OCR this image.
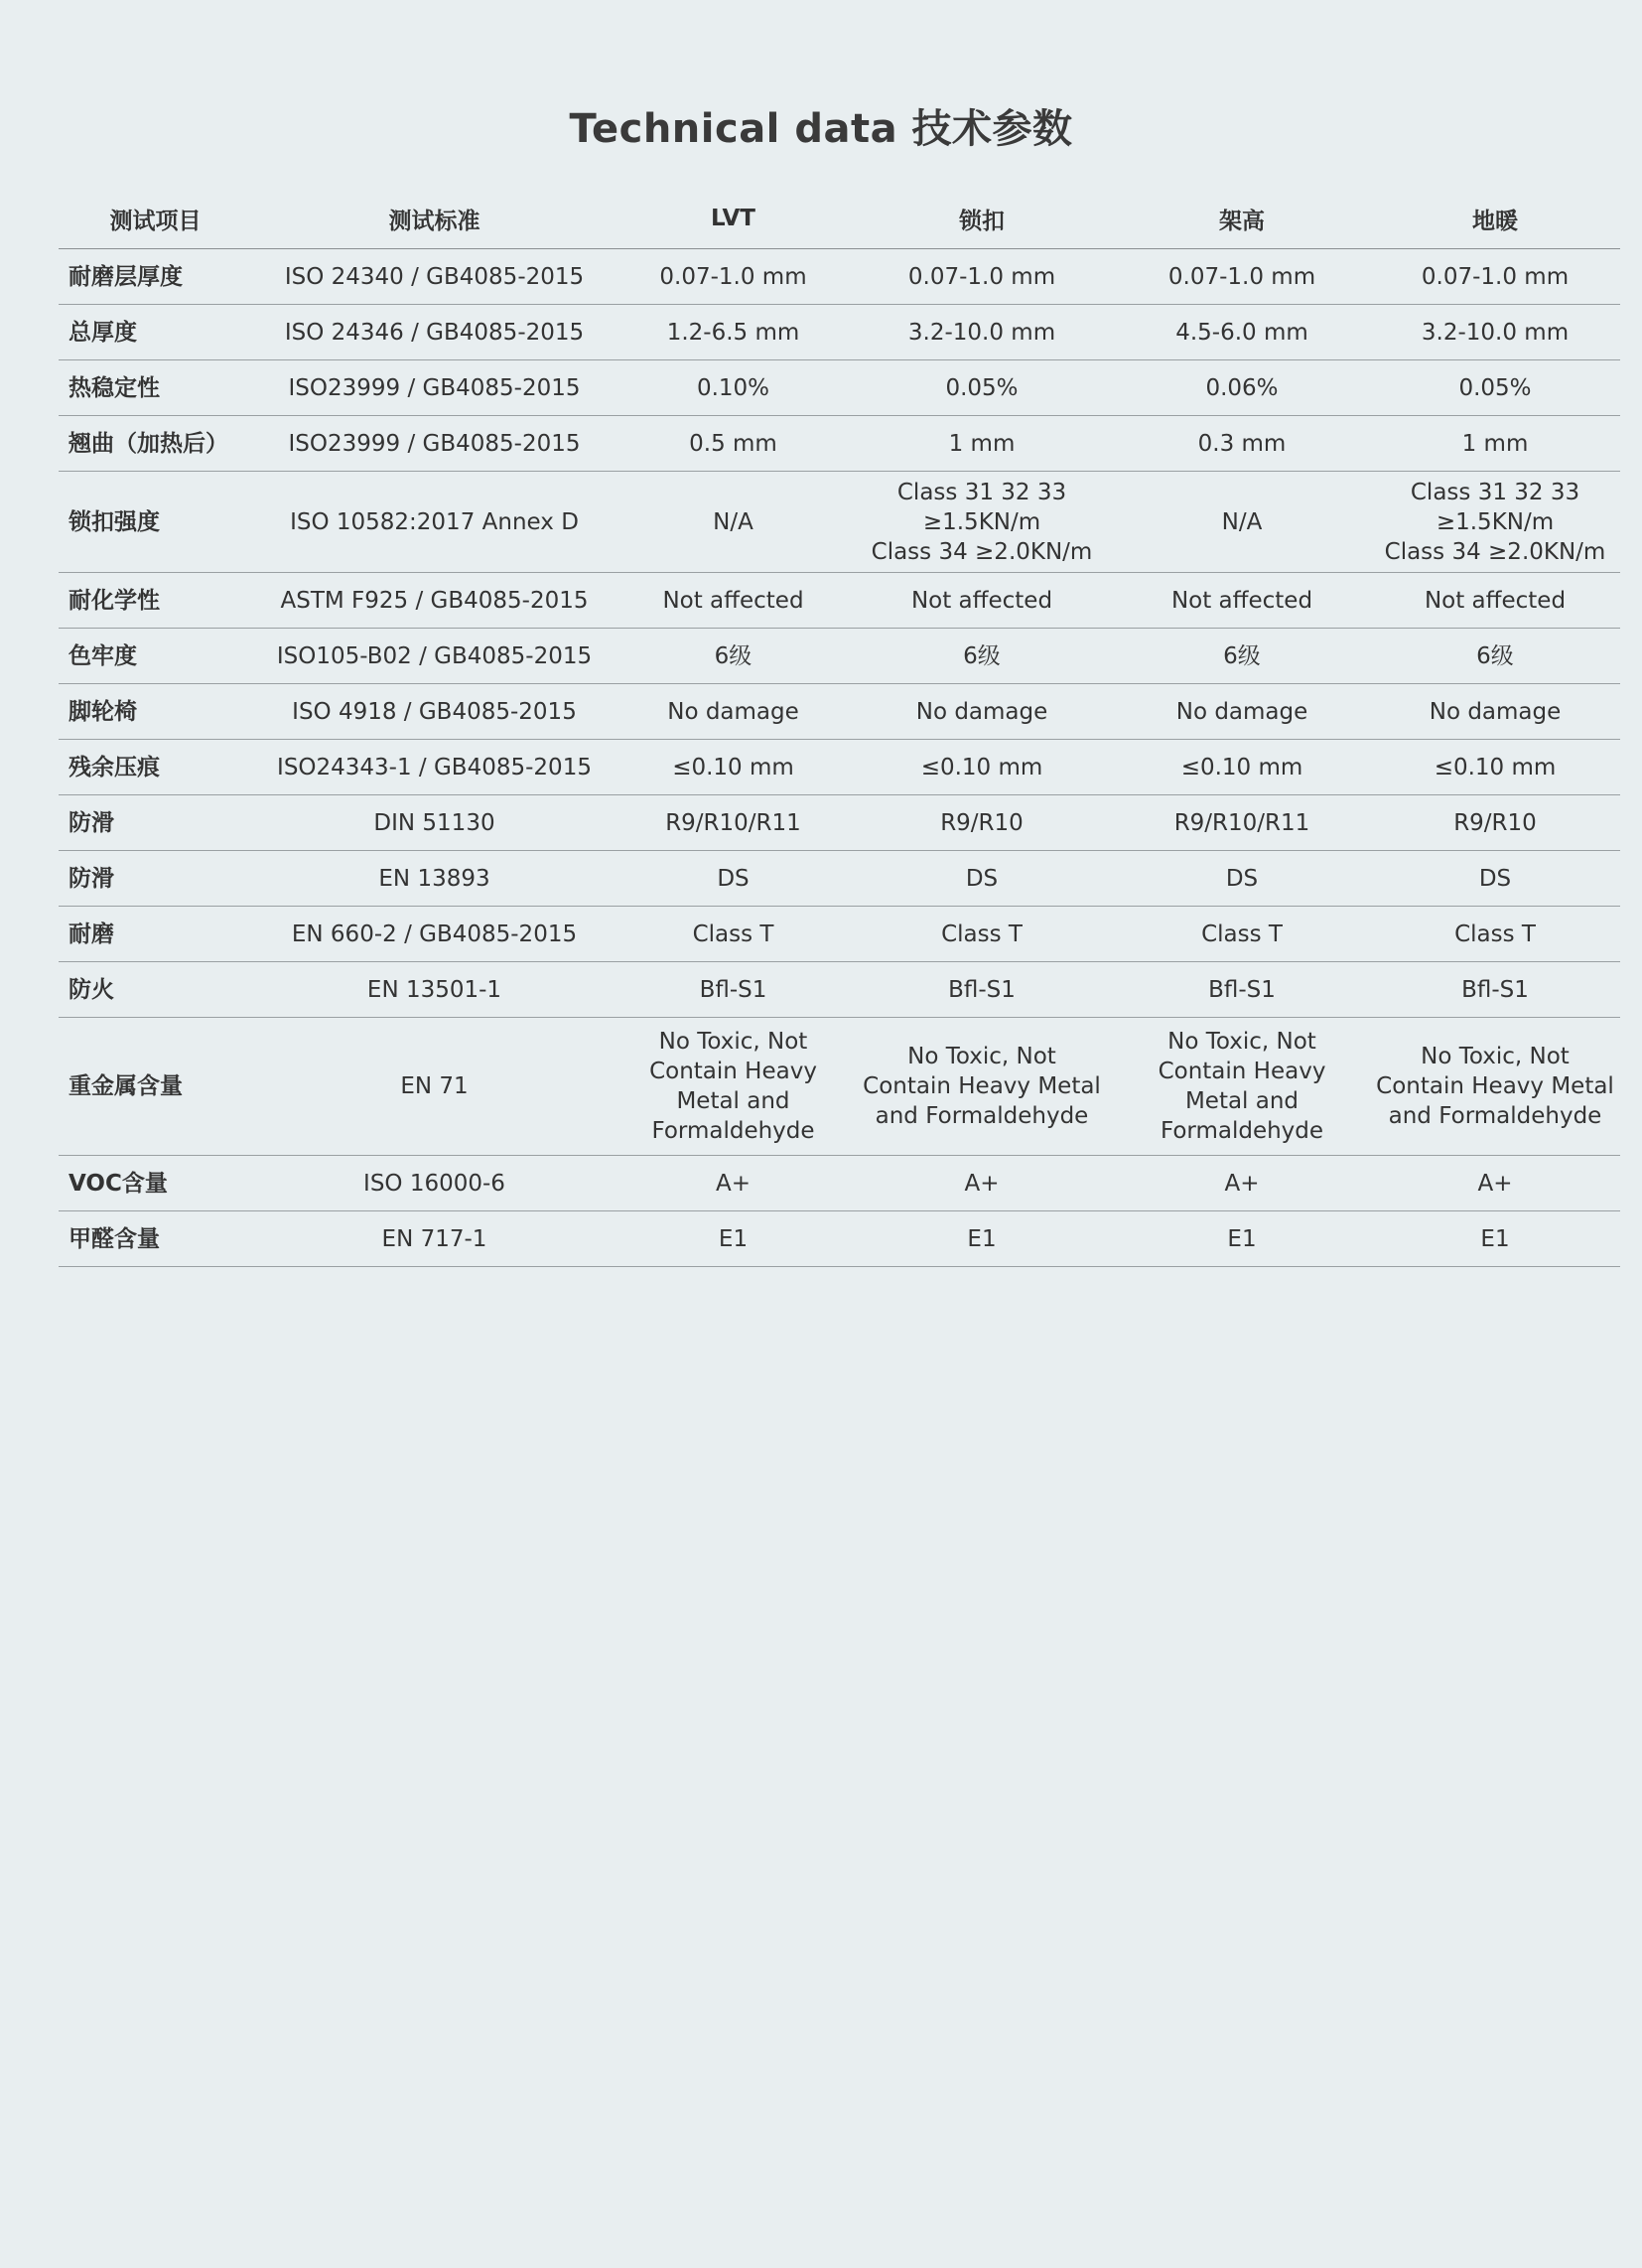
Technical data 技术参数
测试项目	测试标准	LVT	锁扣	架高	地暖
耐磨层厚度	ISO 24340 / GB4085-2015	0.07-1.0 mm	0.07-1.0 mm	0.07-1.0 mm	0.07-1.0 mm
总厚度	ISO 24346 / GB4085-2015	1.2-6.5 mm	3.2-10.0 mm	4.5-6.0 mm	3.2-10.0 mm
热稳定性	ISO23999 / GB4085-2015	0.10%	0.05%	0.06%	0.05%
翘曲（加热后）	ISO23999 / GB4085-2015	0.5 mm	1 mm	0.3 mm	1 mm
锁扣强度	ISO 10582:2017 Annex D	N/A	Class 31 32 33
≥1.5KN/m
Class 34 ≥2.0KN/m	N/A	Class 31 32 33
≥1.5KN/m
Class 34 ≥2.0KN/m

耐化学性	ASTM F925 / GB4085-2015	Not affected	Not affected	Not affected	Not affected
色牢度	ISO105-B02 / GB4085-2015	6级	6级	6级	6级
脚轮椅	ISO 4918 / GB4085-2015	No damage	No damage	No damage	No damage
残余压痕	ISO24343-1 / GB4085-2015	≤0.10 mm	≤0.10 mm	≤0.10 mm	≤0.10 mm
防滑	DIN 51130	R9/R10/R11	R9/R10	R9/R10/R11	R9/R10
防滑	EN 13893	DS	DS	DS	DS
耐磨	EN 660-2 / GB4085-2015	Class T	Class T	Class T	Class T
防火	EN 13501-1	Bfl-S1	Bfl-S1	Bfl-S1	Bfl-S1
重金属含量	EN 71	No Toxic, Not
Contain Heavy
Metal and
Formaldehyde	No Toxic, Not
Contain Heavy Metal
and Formaldehyde	No Toxic, Not
Contain Heavy
Metal and
Formaldehyde	No Toxic, Not
Contain Heavy Metal
and Formaldehyde

VOC含量	ISO 16000-6	A+	A+	A+	A+
甲醛含量	EN 717-1	E1	E1	E1	E1
